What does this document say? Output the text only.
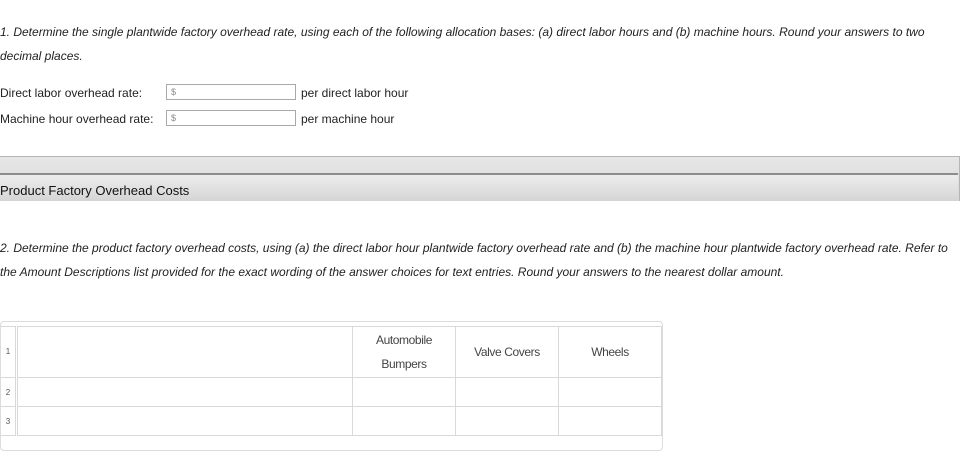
1. Determine the single plantwide factory overhead rate, using each of the following allocation bases: (a) direct labor hours and (b) machine hours. Round your answers to two decimal places.
Direct labor overhead rate:	$	per direct labor hour
Machine hour overhead rate: $	per machine hour
Product Factory Overhead Costs
2. Determine the product factory overhead costs, using (a) the direct labor hour plantwide factory overhead rate and (b) the machine hour plantwide factory overhead rate. Refer to the Amount Descriptions list provided for the exact wording of the answer choices for text entries. Round your answers to the nearest dollar amount.
1		Automobile Bumpers	Valve Covers	Wheels
2				
3				
